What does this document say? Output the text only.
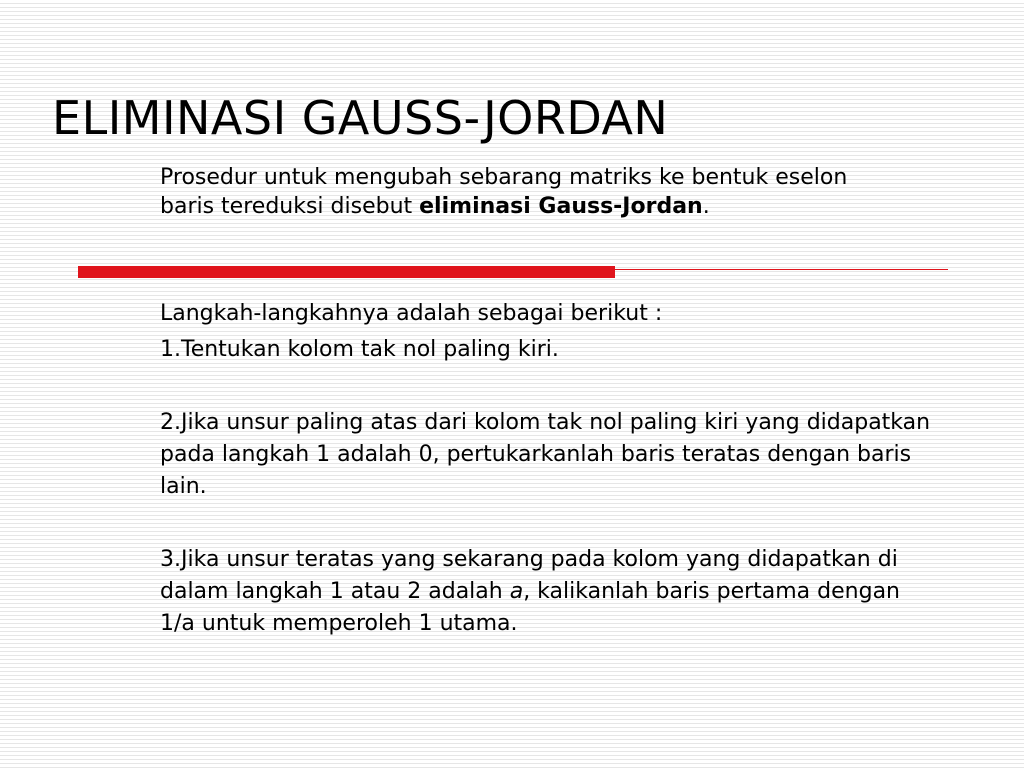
ELIMINASI GAUSS-JORDAN

Prosedur untuk mengubah sebarang matriks ke bentuk eselon baris tereduksi disebut eliminasi Gauss-Jordan.

Langkah-langkahnya adalah sebagai berikut :

1.Tentukan kolom tak nol paling kiri.

2.Jika unsur paling atas dari kolom tak nol paling kiri yang didapatkan pada langkah 1 adalah 0, pertukarkanlah baris teratas dengan baris lain.

3.Jika unsur teratas yang sekarang pada kolom yang didapatkan di dalam langkah 1 atau 2 adalah a, kalikanlah baris pertama dengan 1/a untuk memperoleh 1 utama.
